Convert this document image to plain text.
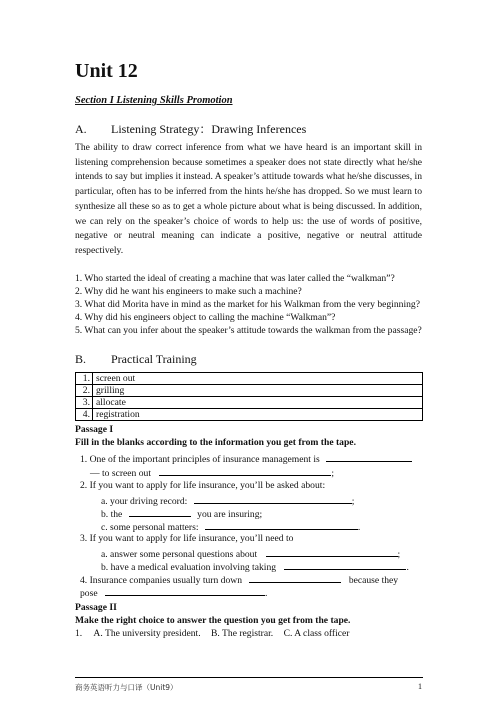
Unit 12
Section I Listening Skills Promotion
A. Listening Strategy：Drawing Inferences
The ability to draw correct inference from what we have heard is an important skill in listening comprehension because sometimes a speaker does not state directly what he/she intends to say but implies it instead. A speaker’s attitude towards what he/she discusses, in particular, often has to be inferred from the hints he/she has dropped. So we must learn to synthesize all these so as to get a whole picture about what is being discussed. In addition, we can rely on the speaker’s choice of words to help us: the use of words of positive, negative or neutral meaning can indicate a positive, negative or neutral attitude respectively.
1. Who started the ideal of creating a machine that was later called the “walkman”?
2. Why did he want his engineers to make such a machine?
3. What did Morita have in mind as the market for his Walkman from the very beginning?
4. Why did his engineers object to calling the machine “Walkman”?
5. What can you infer about the speaker’s attitude towards the walkman from the passage?
B. Practical Training
1.	screen out
2.	grilling
3.	allocate
4.	registration
Passage I
Fill in the blanks according to the information you get from the tape.
1. One of the important principles of insurance management is
— to screen out	;
2. If you want to apply for life insurance, you’ll be asked about:
a. your driving record:	;
b. the	you are insuring;
c. some personal matters:	.
3. If you want to apply for life insurance, you’ll need to
a. answer some personal questions about	;
b. have a medical evaluation involving taking	.
4. Insurance companies usually turn down	because they
pose	.
Passage II
Make the right choice to answer the question you get from the tape.
1. A. The university president. B. The registrar. C. A class officer
商务英语听力与口译（Unit9）	1
